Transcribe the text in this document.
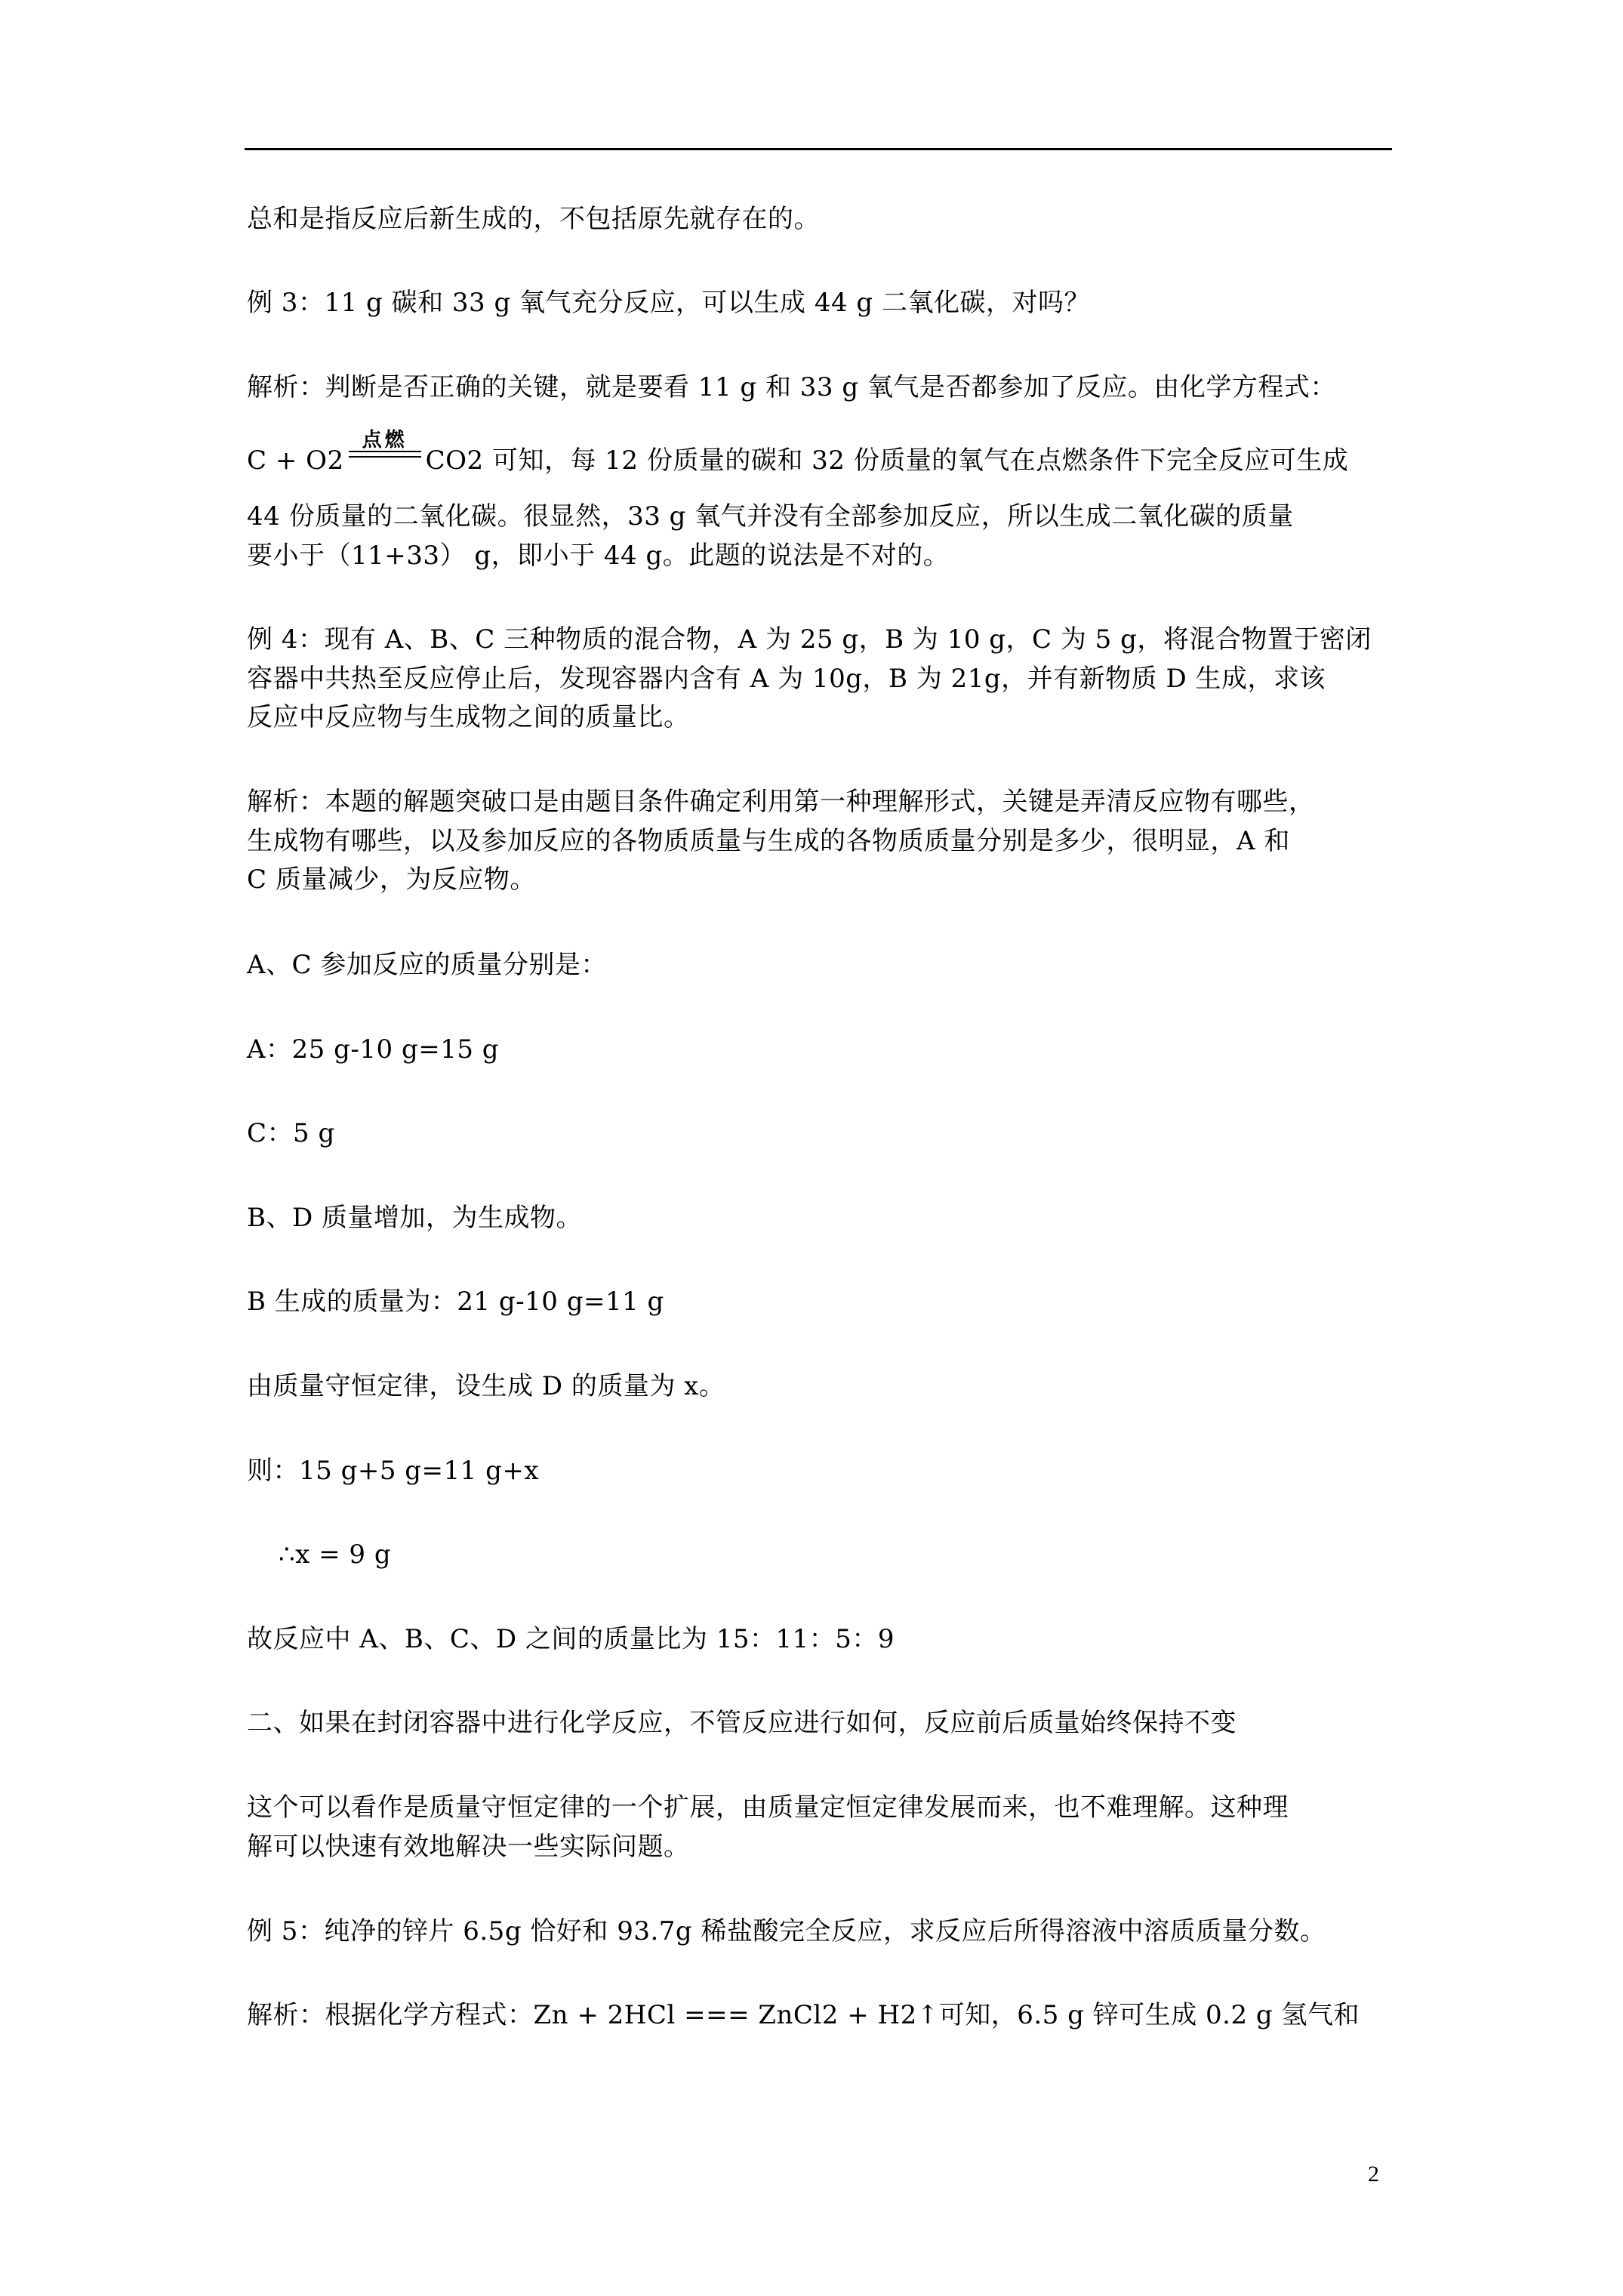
总和是指反应后新生成的，不包括原先就存在的。
例 3：11 g 碳和 33 g 氧气充分反应，可以生成 44 g 二氧化碳，对吗？
解析：判断是否正确的关键，就是要看 11 g 和 33 g 氧气是否都参加了反应。由化学方程式：
C + O2
点燃
CO2 可知，每 12 份质量的碳和 32 份质量的氧气在点燃条件下完全反应可生成
44 份质量的二氧化碳。很显然，33 g 氧气并没有全部参加反应，所以生成二氧化碳的质量
要小于（11+33） g，即小于 44 g。此题的说法是不对的。
例 4：现有 A、B、C 三种物质的混合物，A 为 25 g，B 为 10 g，C 为 5 g，将混合物置于密闭
容器中共热至反应停止后，发现容器内含有 A 为 10g，B 为 21g，并有新物质 D 生成，求该
反应中反应物与生成物之间的质量比。
解析：本题的解题突破口是由题目条件确定利用第一种理解形式，关键是弄清反应物有哪些，
生成物有哪些，以及参加反应的各物质质量与生成的各物质质量分别是多少，很明显，A 和
C 质量减少，为反应物。
A、C 参加反应的质量分别是：
A：25 g-10 g=15 g
C：5 g
B、D 质量增加，为生成物。
B 生成的质量为：21 g-10 g=11 g
由质量守恒定律，设生成 D 的质量为 x。
则：15 g+5 g=11 g+x
∴x = 9 g
故反应中 A、B、C、D 之间的质量比为 15：11：5：9
二、如果在封闭容器中进行化学反应，不管反应进行如何，反应前后质量始终保持不变
这个可以看作是质量守恒定律的一个扩展，由质量定恒定律发展而来，也不难理解。这种理
解可以快速有效地解决一些实际问题。
例 5：纯净的锌片 6.5g 恰好和 93.7g 稀盐酸完全反应，求反应后所得溶液中溶质质量分数。
解析：根据化学方程式：Zn + 2HCl === ZnCl2 + H2↑可知，6.5 g 锌可生成 0.2 g 氢气和
2
